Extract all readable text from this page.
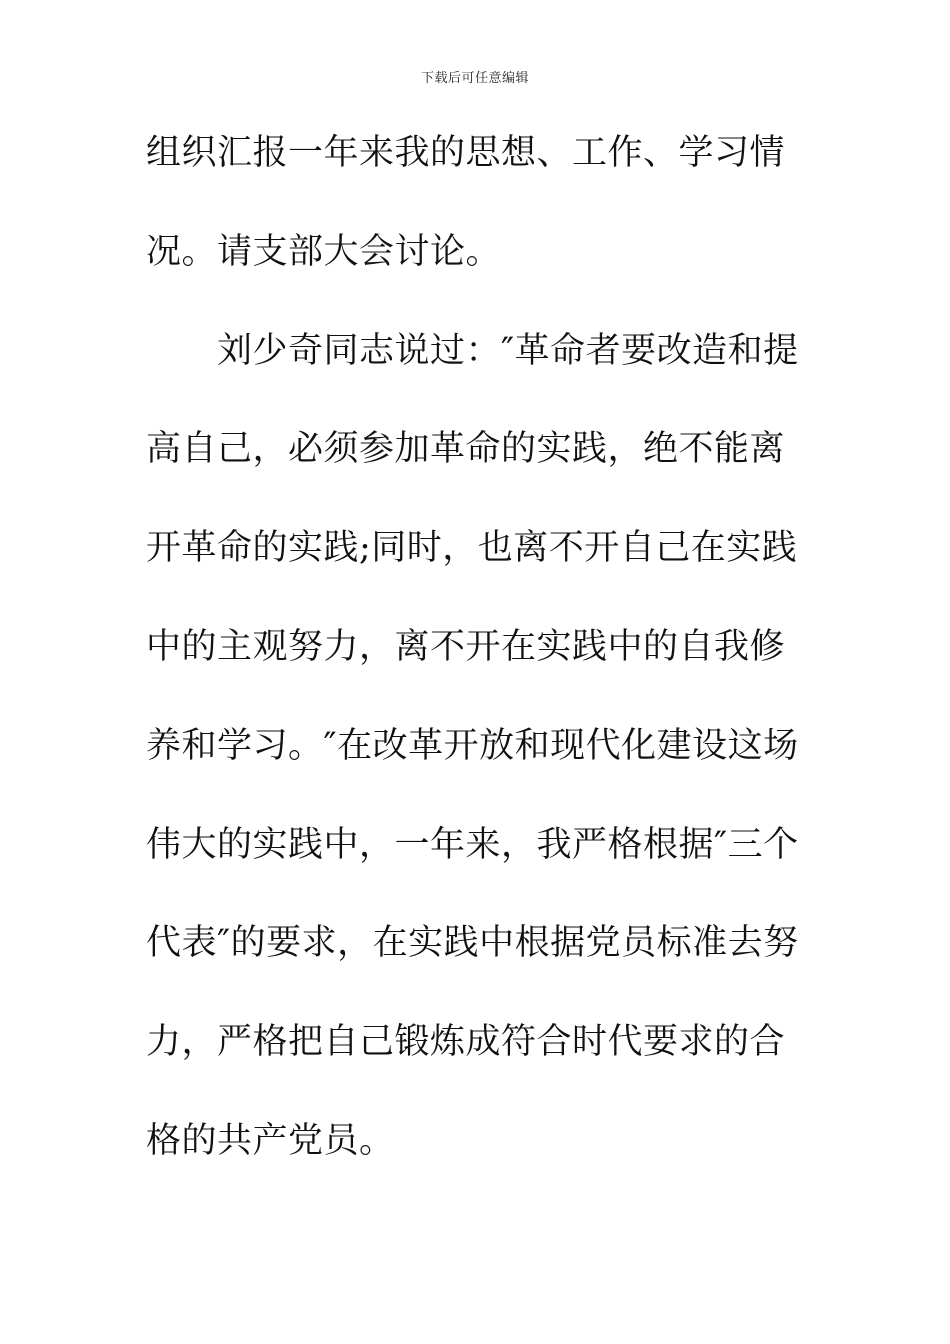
下载后可任意编辑
组织汇报一年来我的思想、工作、学习情
况。请支部大会讨论。
　　刘少奇同志说过：″革命者要改造和提
高自己，必须参加革命的实践，绝不能离
开革命的实践;同时，也离不开自己在实践
中的主观努力，离不开在实践中的自我修
养和学习。″在改革开放和现代化建设这场
伟大的实践中，一年来，我严格根据″三个
代表″的要求，在实践中根据党员标准去努
力，严格把自己锻炼成符合时代要求的合
格的共产党员。
